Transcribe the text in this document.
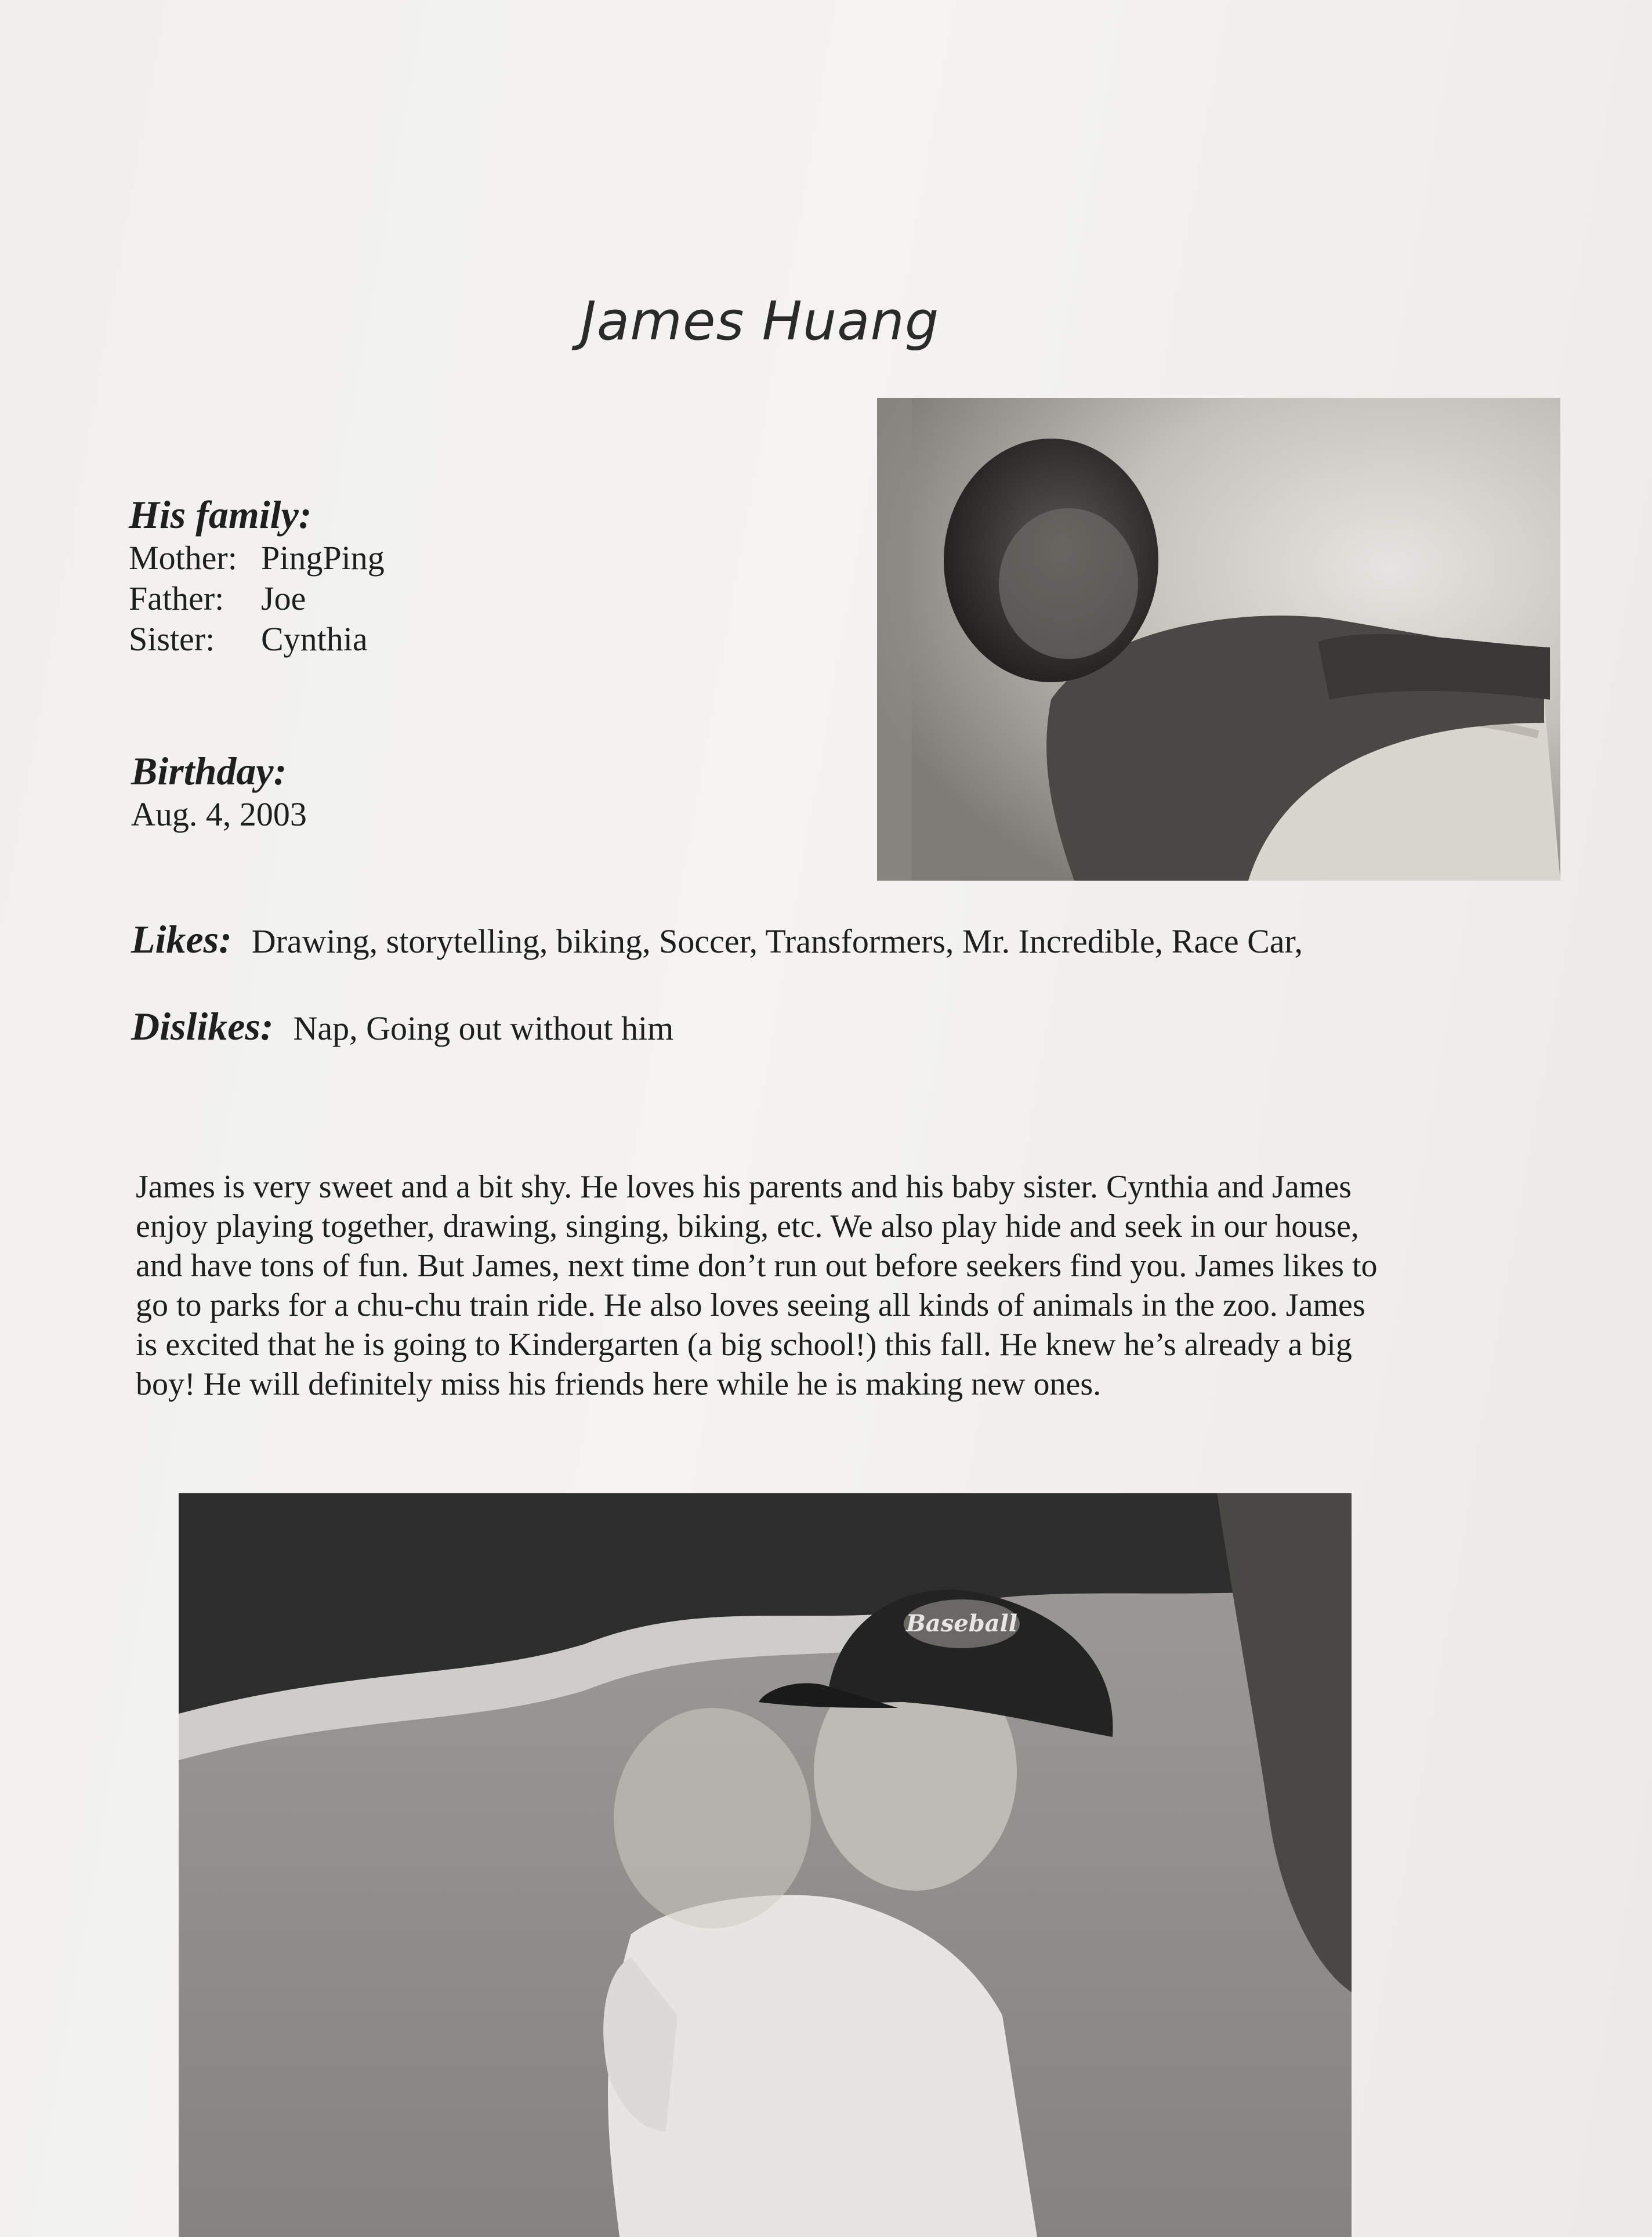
James Huang
His family:
Mother: PingPing
Father:	Joe
Sister:	Cynthia
Birthday:
Aug. 4, 2003
Likes: Drawing, storytelling, biking, Soccer, Transformers, Mr. Incredible, Race Car,
Dislikes: Nap, Going out without him
James is very sweet and a bit shy. He loves his parents and his baby sister. Cynthia and James enjoy playing together, drawing, singing, biking, etc. We also play hide and seek in our house, and have tons of fun. But James, next time don’t run out before seekers find you. James likes to go to parks for a chu-chu train ride. He also loves seeing all kinds of animals in the zoo. James is excited that he is going to Kindergarten (a big school!) this fall. He knew he’s already a big boy! He will definitely miss his friends here while he is making new ones.
Baseball
